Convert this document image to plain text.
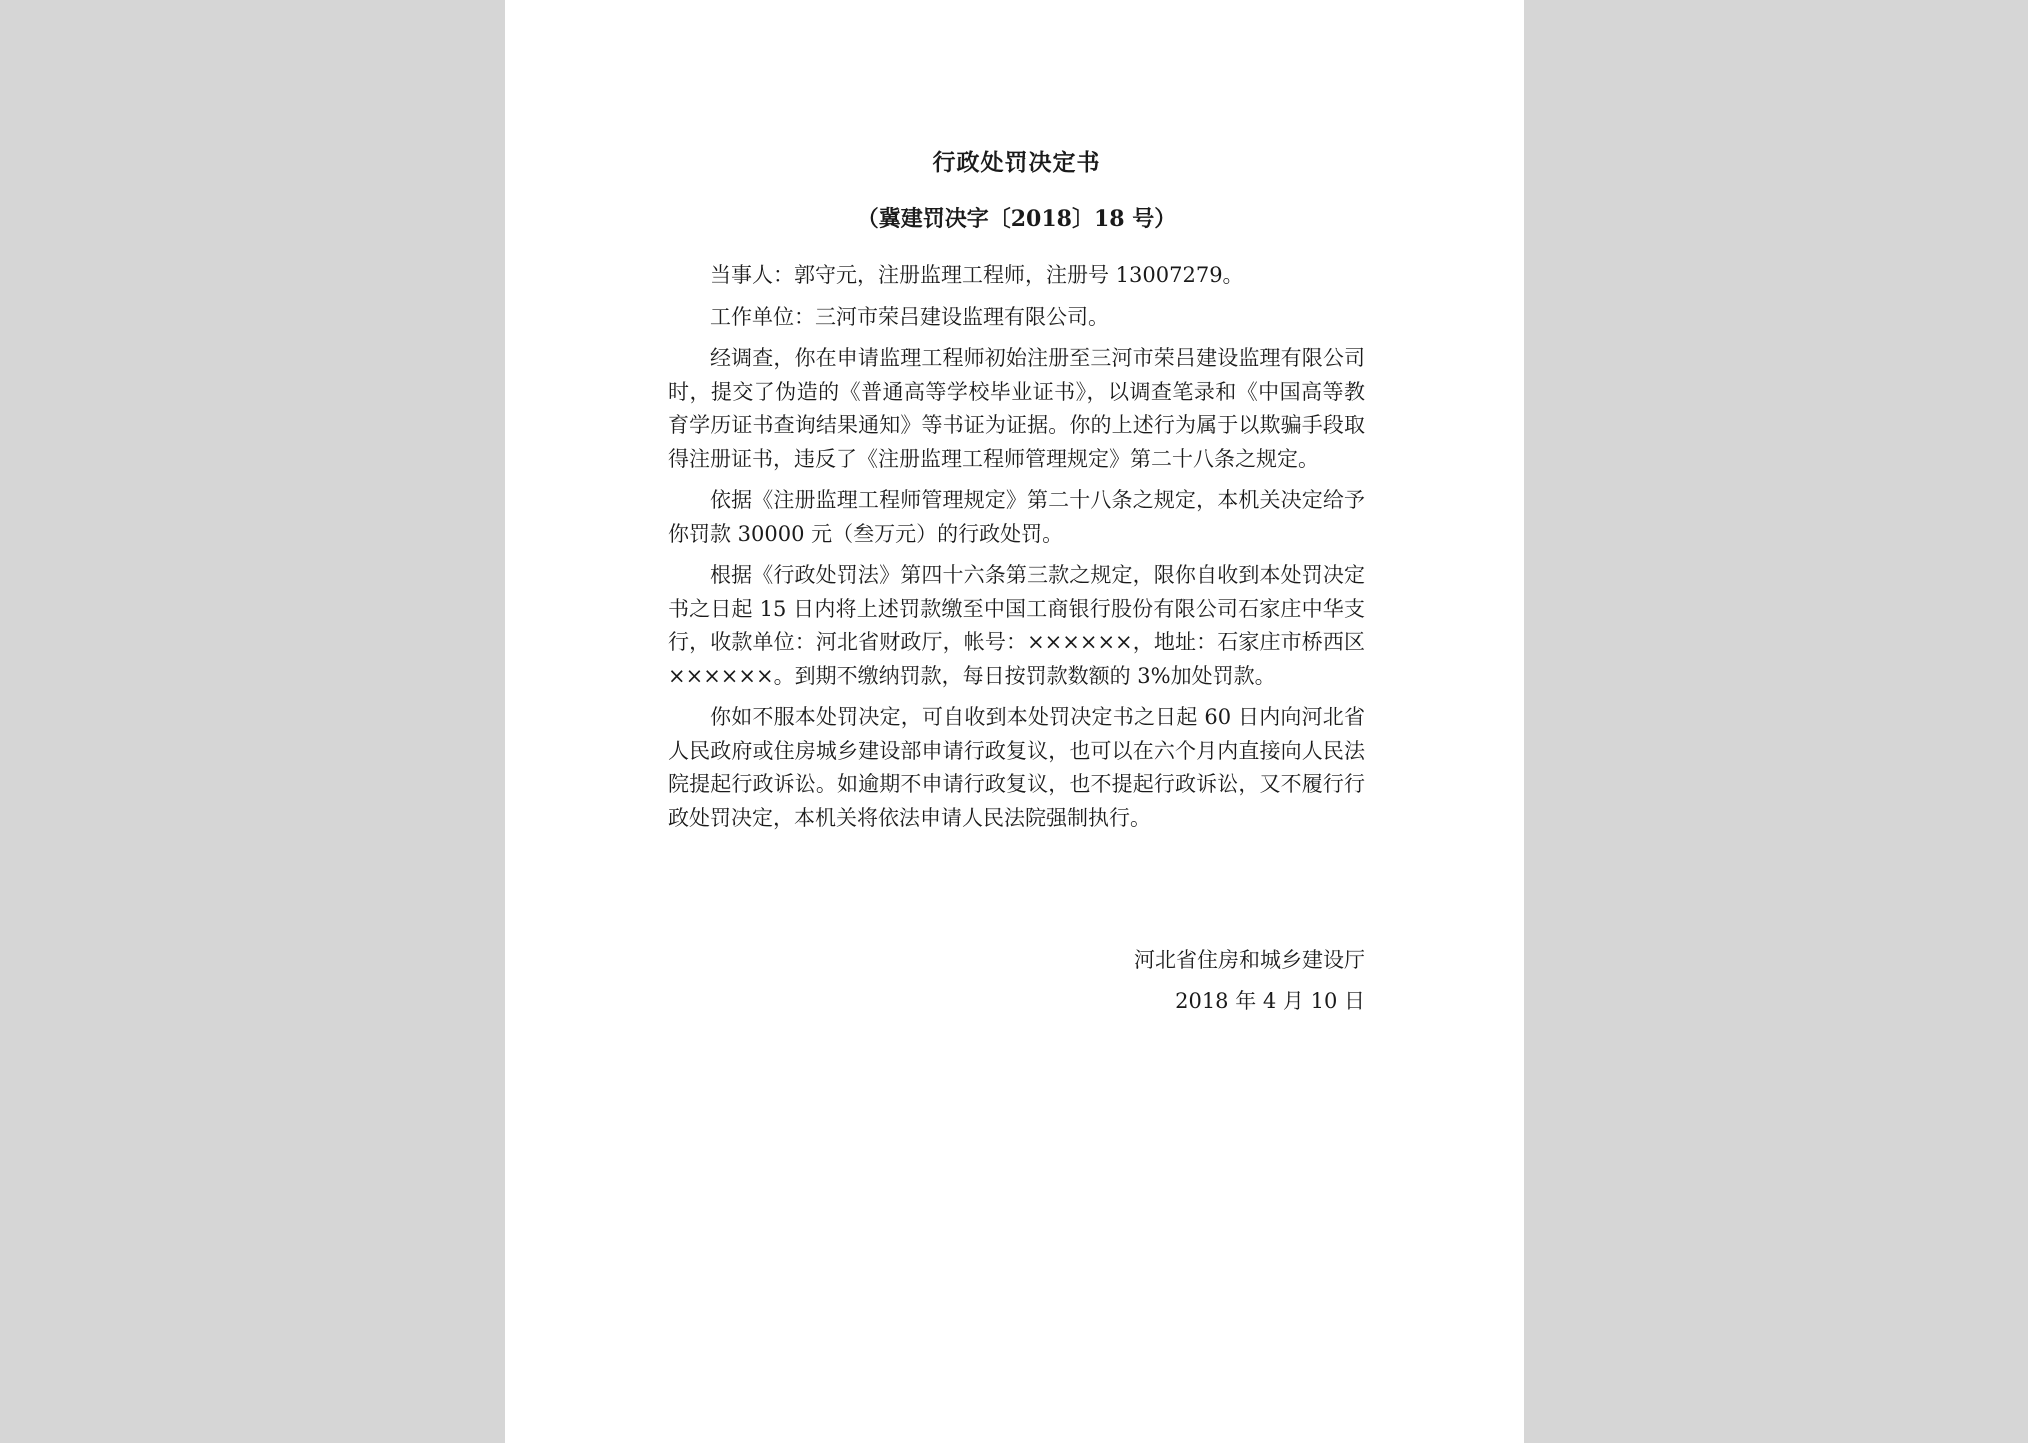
行政处罚决定书
（冀建罚决字〔2018〕18 号）

当事人：郭守元，注册监理工程师，注册号 13007279。

工作单位：三河市荣吕建设监理有限公司。

经调查，你在申请监理工程师初始注册至三河市荣吕建设监理有限公司时，提交了伪造的《普通高等学校毕业证书》，以调查笔录和《中国高等教育学历证书查询结果通知》等书证为证据。你的上述行为属于以欺骗手段取得注册证书，违反了《注册监理工程师管理规定》第二十八条之规定。

依据《注册监理工程师管理规定》第二十八条之规定，本机关决定给予你罚款 30000 元（叁万元）的行政处罚。

根据《行政处罚法》第四十六条第三款之规定，限你自收到本处罚决定书之日起 15 日内将上述罚款缴至中国工商银行股份有限公司石家庄中华支行，收款单位：河北省财政厅，帐号：××××××，地址：石家庄市桥西区××××××。到期不缴纳罚款，每日按罚款数额的 3%加处罚款。

你如不服本处罚决定，可自收到本处罚决定书之日起 60 日内向河北省人民政府或住房城乡建设部申请行政复议，也可以在六个月内直接向人民法院提起行政诉讼。如逾期不申请行政复议，也不提起行政诉讼，又不履行行政处罚决定，本机关将依法申请人民法院强制执行。

河北省住房和城乡建设厅
2018 年 4 月 10 日
